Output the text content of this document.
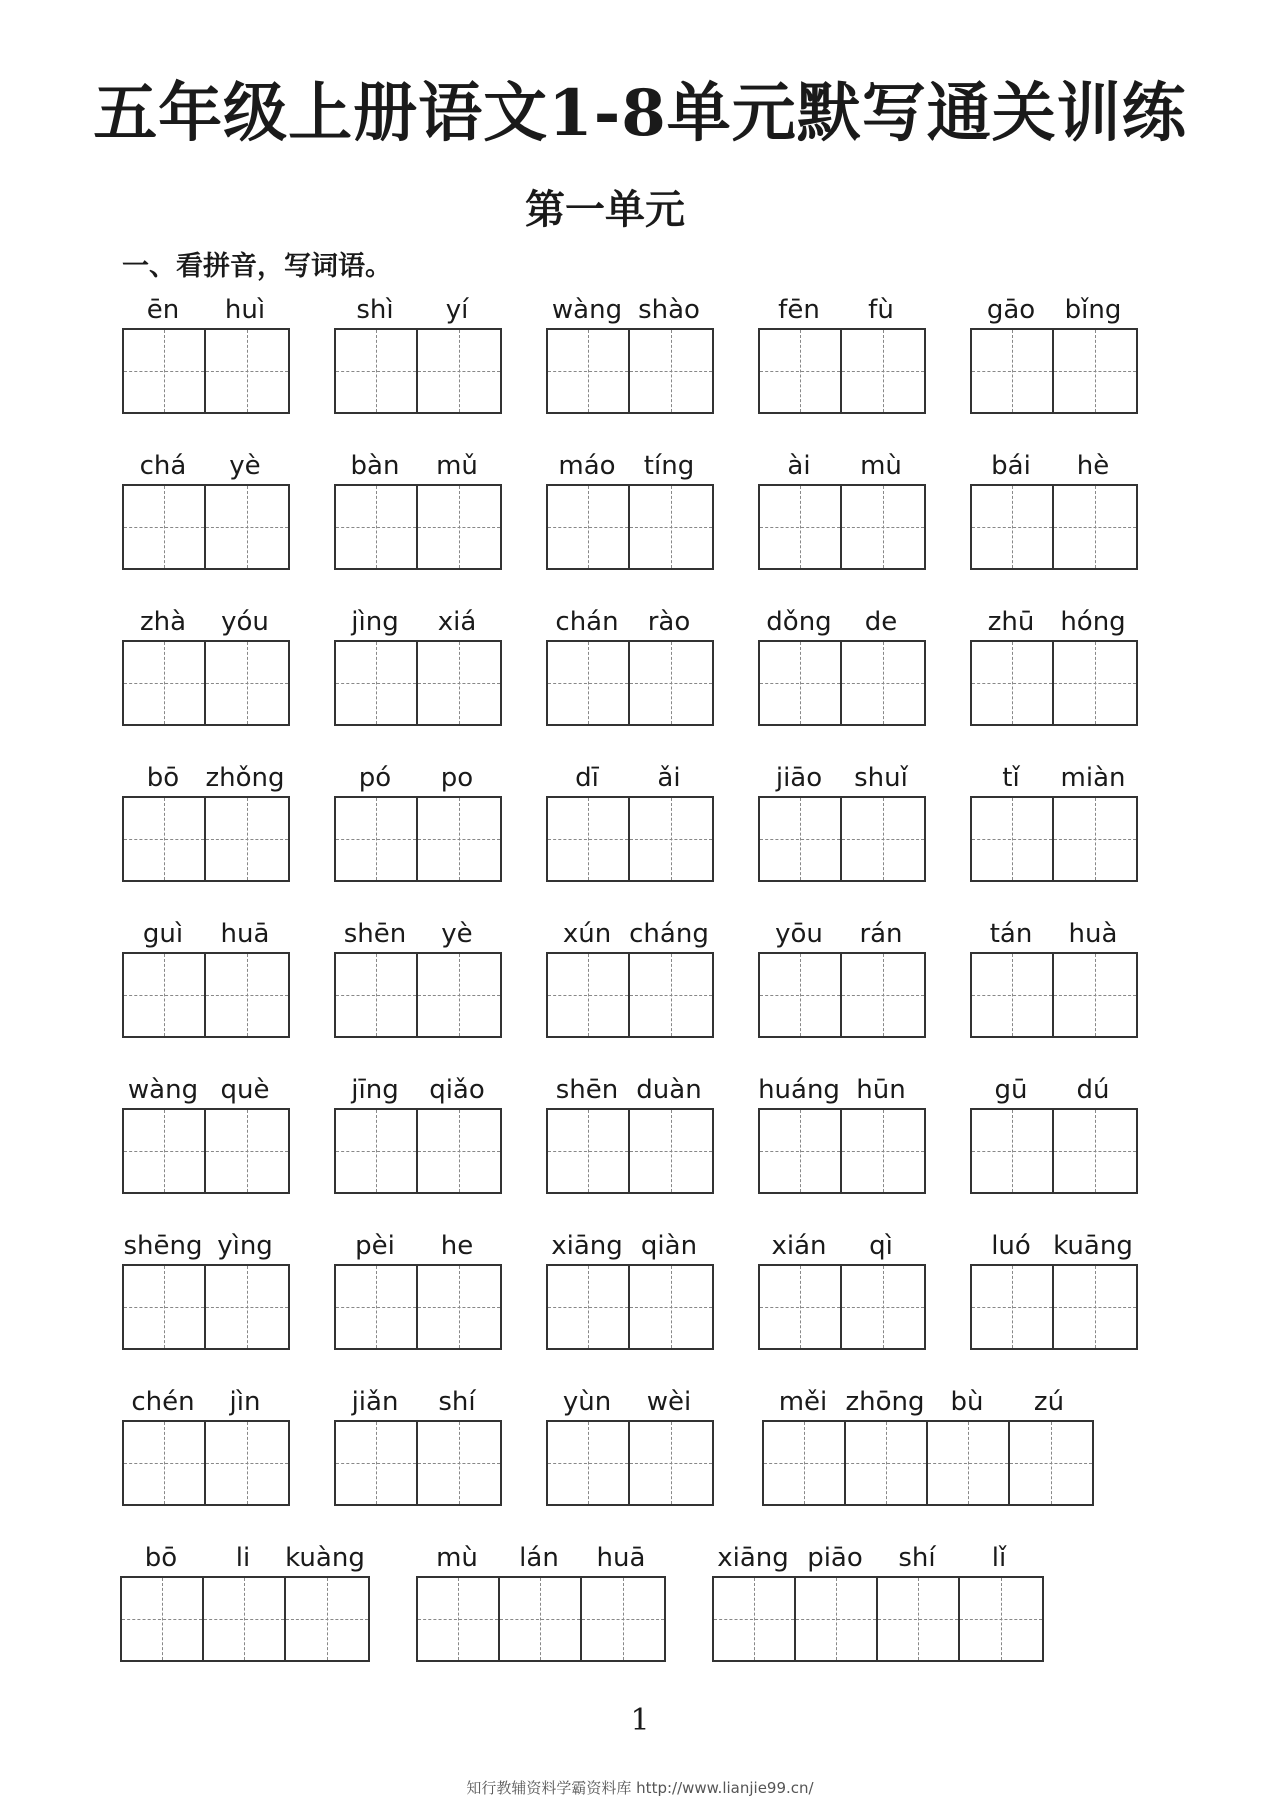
五年级上册语文1-8单元默写通关训练
第一单元
一、看拼音，写词语。
ēn	huì	shì	yí	wàng shào	fēn	fù	gāo	bǐng
chá	yè	bàn	mǔ	máo	tíng	ài	mù	bái	hè
zhà	yóu	jìng	xiá	chán	rào	dǒng	de	zhū	hóng
bō	zhǒng	pó	po	dī	ǎi	jiāo	shuǐ	tǐ	miàn
guì	huā	shēn	yè	xún cháng	yōu	rán	tán	huà
wàng què	jīng	qiǎo	shēn duàn	huáng hūn	gū	dú
shēng yìng	pèi	he	xiāng qiàn	xián	qì	luó kuāng
chén	jìn	jiǎn	shí	yùn	wèi	měi zhōng	bù	zú
bō	li	kuàng	mù	lán	huā	xiāng piāo	shí	lǐ
1
知行教辅资料学霸资料库 http://www.lianjie99.cn/
